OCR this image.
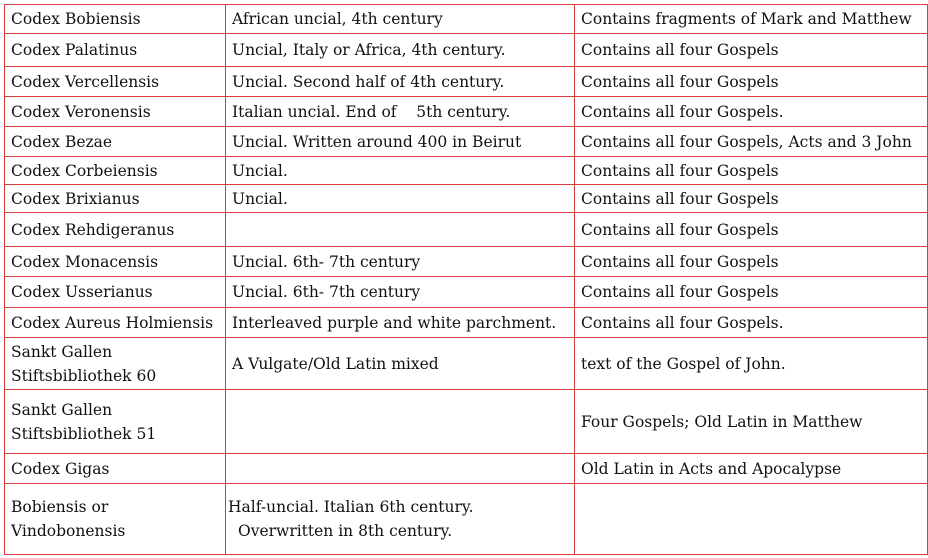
Codex Bobiensis	African uncial, 4th century	Contains fragments of Mark and Matthew
Codex Palatinus	Uncial, Italy or Africa, 4th century.	Contains all four Gospels
Codex Vercellensis	Uncial. Second half of 4th century.	Contains all four Gospels
Codex Veronensis	Italian uncial. End of    5th century.	Contains all four Gospels.
Codex Bezae	Uncial. Written around 400 in Beirut	Contains all four Gospels, Acts and 3 John
Codex Corbeiensis	Uncial.	Contains all four Gospels
Codex Brixianus	Uncial.	Contains all four Gospels
Codex Rehdigeranus		Contains all four Gospels
Codex Monacensis	Uncial. 6th- 7th century	Contains all four Gospels
Codex Usserianus	Uncial. 6th- 7th century	Contains all four Gospels
Codex Aureus Holmiensis	Interleaved purple and white parchment.	Contains all four Gospels.

Sankt Gallen
Stiftsbibliothek 60	A Vulgate/Old Latin mixed	text of the Gospel of John.

Sankt Gallen
Stiftsbibliothek 51		Four Gospels; Old Latin in Matthew
Codex Gigas		Old Latin in Acts and Apocalypse

Bobiensis or
Vindobonensis	Half-uncial. Italian 6th century.
Overwritten in 8th century.	
